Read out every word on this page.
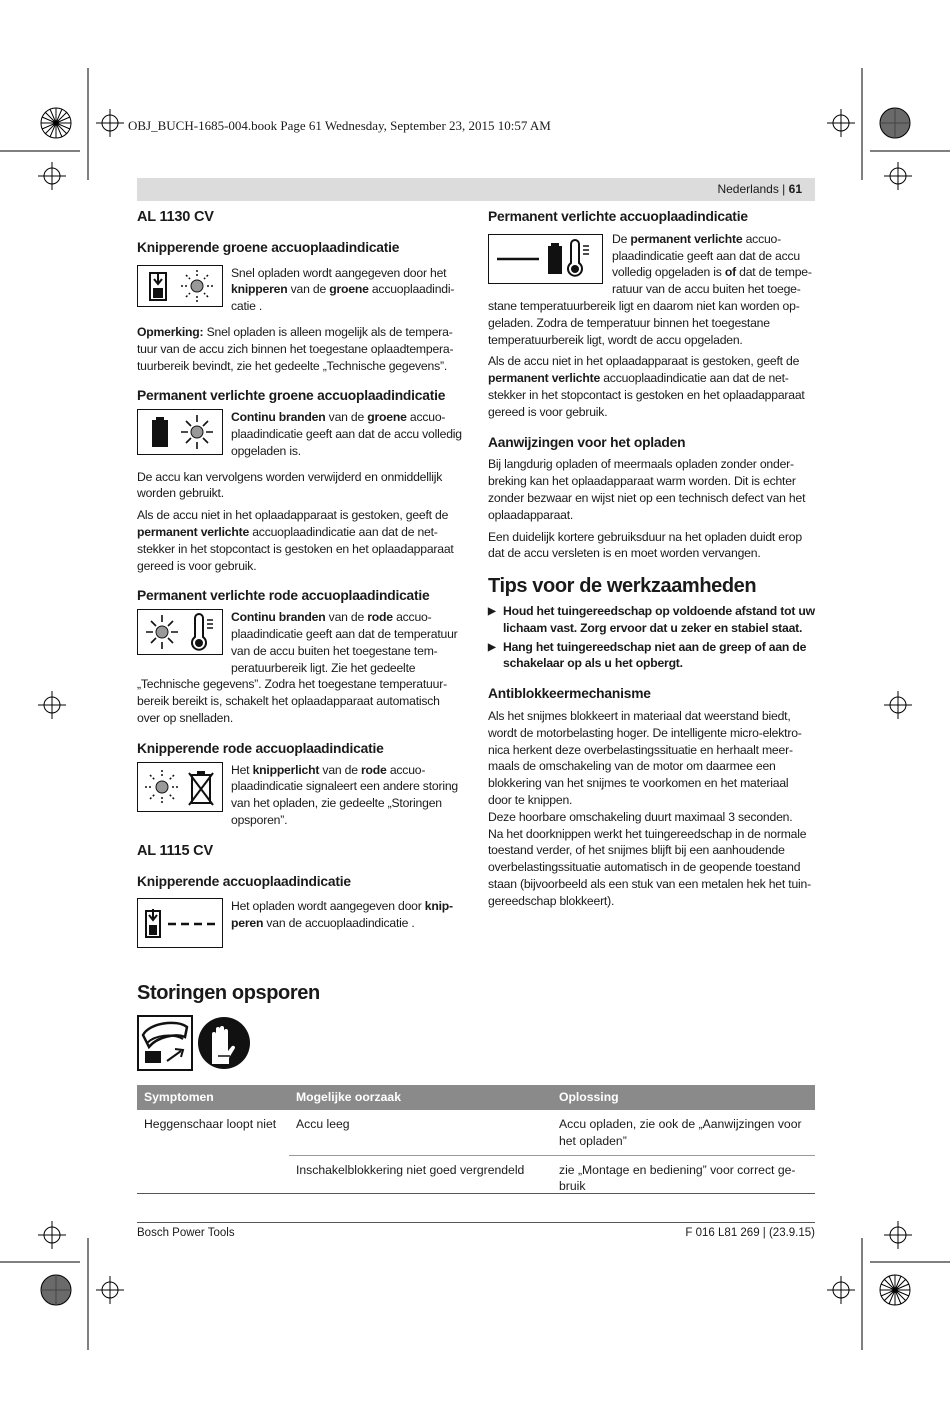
OBJ_BUCH-1685-004.book Page 61 Wednesday, September 23, 2015 10:57 AM
Nederlands | 61
AL 1130 CV
Knipperende groene accuoplaadindicatie
Snel opladen wordt aangegeven door het knipperen van de groene accuoplaadindicatie .

Opmerking: Snel opladen is alleen mogelijk als de temperatuur van de accu zich binnen het toegestane oplaadtemperatuurbereik bevindt, zie het gedeelte „Technische gegevens”.

Permanent verlichte groene accuoplaadindicatie
Continu branden van de groene accuoplaadindicatie geeft aan dat de accu volledig opgeladen is.

De accu kan vervolgens worden verwijderd en onmiddellijk worden gebruikt.

Als de accu niet in het oplaadapparaat is gestoken, geeft de permanent verlichte accuoplaadindicatie aan dat de netstekker in het stopcontact is gestoken en het oplaadapparaat gereed is voor gebruik.

Permanent verlichte rode accuoplaadindicatie
Continu branden van de rode accuoplaadindicatie geeft aan dat de temperatuur van de accu buiten het toegestane temperatuurbereik ligt. Zie het gedeelte

„Technische gegevens”. Zodra het toegestane temperatuurbereik bereikt is, schakelt het oplaadapparaat automatisch over op snelladen.

Knipperende rode accuoplaadindicatie
Het knipperlicht van de rode accuoplaadindicatie signaleert een andere storing van het opladen, zie gedeelte „Storingen opsporen”.
AL 1115 CV
Knipperende accuoplaadindicatie
Het opladen wordt aangegeven door knipperen van de accuoplaadindicatie .
Permanent verlichte accuoplaadindicatie

De permanent verlichte accuoplaadindicatie geeft aan dat de accu volledig opgeladen is of dat de temperatuur van de accu buiten het toegestane temperatuurbereik ligt en daarom niet kan worden opgeladen. Zodra de temperatuur binnen het toegestane temperatuurbereik ligt, wordt de accu opgeladen.

Als de accu niet in het oplaadapparaat is gestoken, geeft de permanent verlichte accuoplaadindicatie aan dat de netstekker in het stopcontact is gestoken en het oplaadapparaat gereed is voor gebruik.

Aanwijzingen voor het opladen

Bij langdurig opladen of meermaals opladen zonder onderbreking kan het oplaadapparaat warm worden. Dit is echter zonder bezwaar en wijst niet op een technisch defect van het oplaadapparaat.

Een duidelijk kortere gebruiksduur na het opladen duidt erop dat de accu versleten is en moet worden vervangen.

Tips voor de werkzaamheden
▶ Houd het tuingereedschap op voldoende afstand tot uw lichaam vast. Zorg ervoor dat u zeker en stabiel staat.
▶ Hang het tuingereedschap niet aan de greep of aan de schakelaar op als u het opbergt.
Antiblokkeermechanisme
Als het snijmes blokkeert in materiaal dat weerstand biedt, wordt de motorbelasting hoger. De intelligente micro-elektronica herkent deze overbelastingssituatie en herhaalt meermaals de omschakeling van de motor om daarmee een blokkering van het snijmes te voorkomen en het materiaal door te knippen.
Deze hoorbare omschakeling duurt maximaal 3 seconden.
Na het doorknippen werkt het tuingereedschap in de normale toestand verder, of het snijmes blijft bij een aanhoudende overbelastingssituatie automatisch in de geopende toestand staan (bijvoorbeeld als een stuk van een metalen hek het tuingereedschap blokkeert).
Storingen opsporen
Symptomen	Mogelijke oorzaak	Oplossing
Heggenschaar loopt niet	Accu leeg	Accu opladen, zie ook de „Aanwijzingen voor het opladen”
	Inschakelblokkering niet goed vergrendeld	zie „Montage en bediening” voor correct gebruik
Bosch Power Tools	F 016 L81 269 | (23.9.15)
